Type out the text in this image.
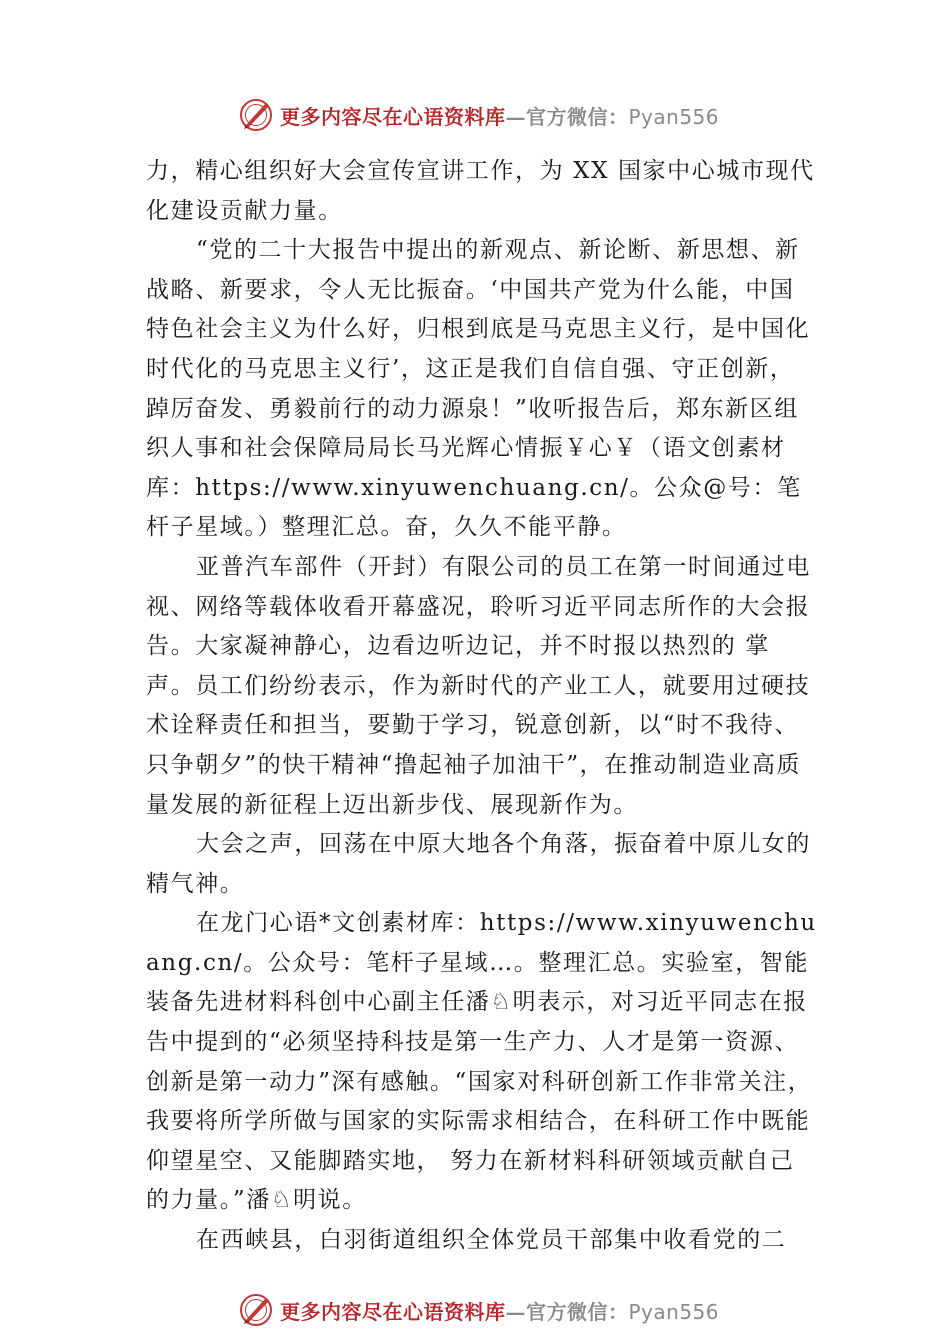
更多内容尽在心语资料库—官方微信：Pyan556

力，精心组织好大会宣传宣讲工作，为 XX 国家中心城市现代化建设贡献力量。

“党的二十大报告中提出的新观点、新论断、新思想、新战略、新要求，令人无比振奋。‘中国共产党为什么能，中国特色社会主义为什么好，归根到底是马克思主义行，是中国化时代化的马克思主义行’，这正是我们自信自强、守正创新，踔厉奋发、勇毅前行的动力源泉！”收听报告后，郑东新区组织人事和社会保障局局长马光辉心情振￥心￥（语文创素材库：https://www.xinyuwenchuang.cn/。公众@号：笔杆子星域。）整理汇总。奋，久久不能平静。

亚普汽车部件（开封）有限公司的员工在第一时间通过电视、网络等载体收看开幕盛况，聆听习近平同志所作的大会报告。大家凝神静心，边看边听边记，并不时报以热烈的 掌声。员工们纷纷表示，作为新时代的产业工人，就要用过硬技术诠释责任和担当，要勤于学习，锐意创新，以“时不我待、只争朝夕”的快干精神“撸起袖子加油干”，在推动制造业高质量发展的新征程上迈出新步伐、展现新作为。

大会之声，回荡在中原大地各个角落，振奋着中原儿女的精气神。

在龙门心语*文创素材库：https://www.xinyuwenchuang.cn/。公众号：笔杆子星域…。整理汇总。实验室，智能装备先进材料科创中心副主任潘♘明表示，对习近平同志在报告中提到的“必须坚持科技是第一生产力、人才是第一资源、创新是第一动力”深有感触。“国家对科研创新工作非常关注，我要将所学所做与国家的实际需求相结合，在科研工作中既能仰望星空、又能脚踏实地， 努力在新材料科研领域贡献自己的力量。”潘♘明说。

在西峡县，白羽街道组织全体党员干部集中收看党的二

更多内容尽在心语资料库—官方微信：Pyan556
